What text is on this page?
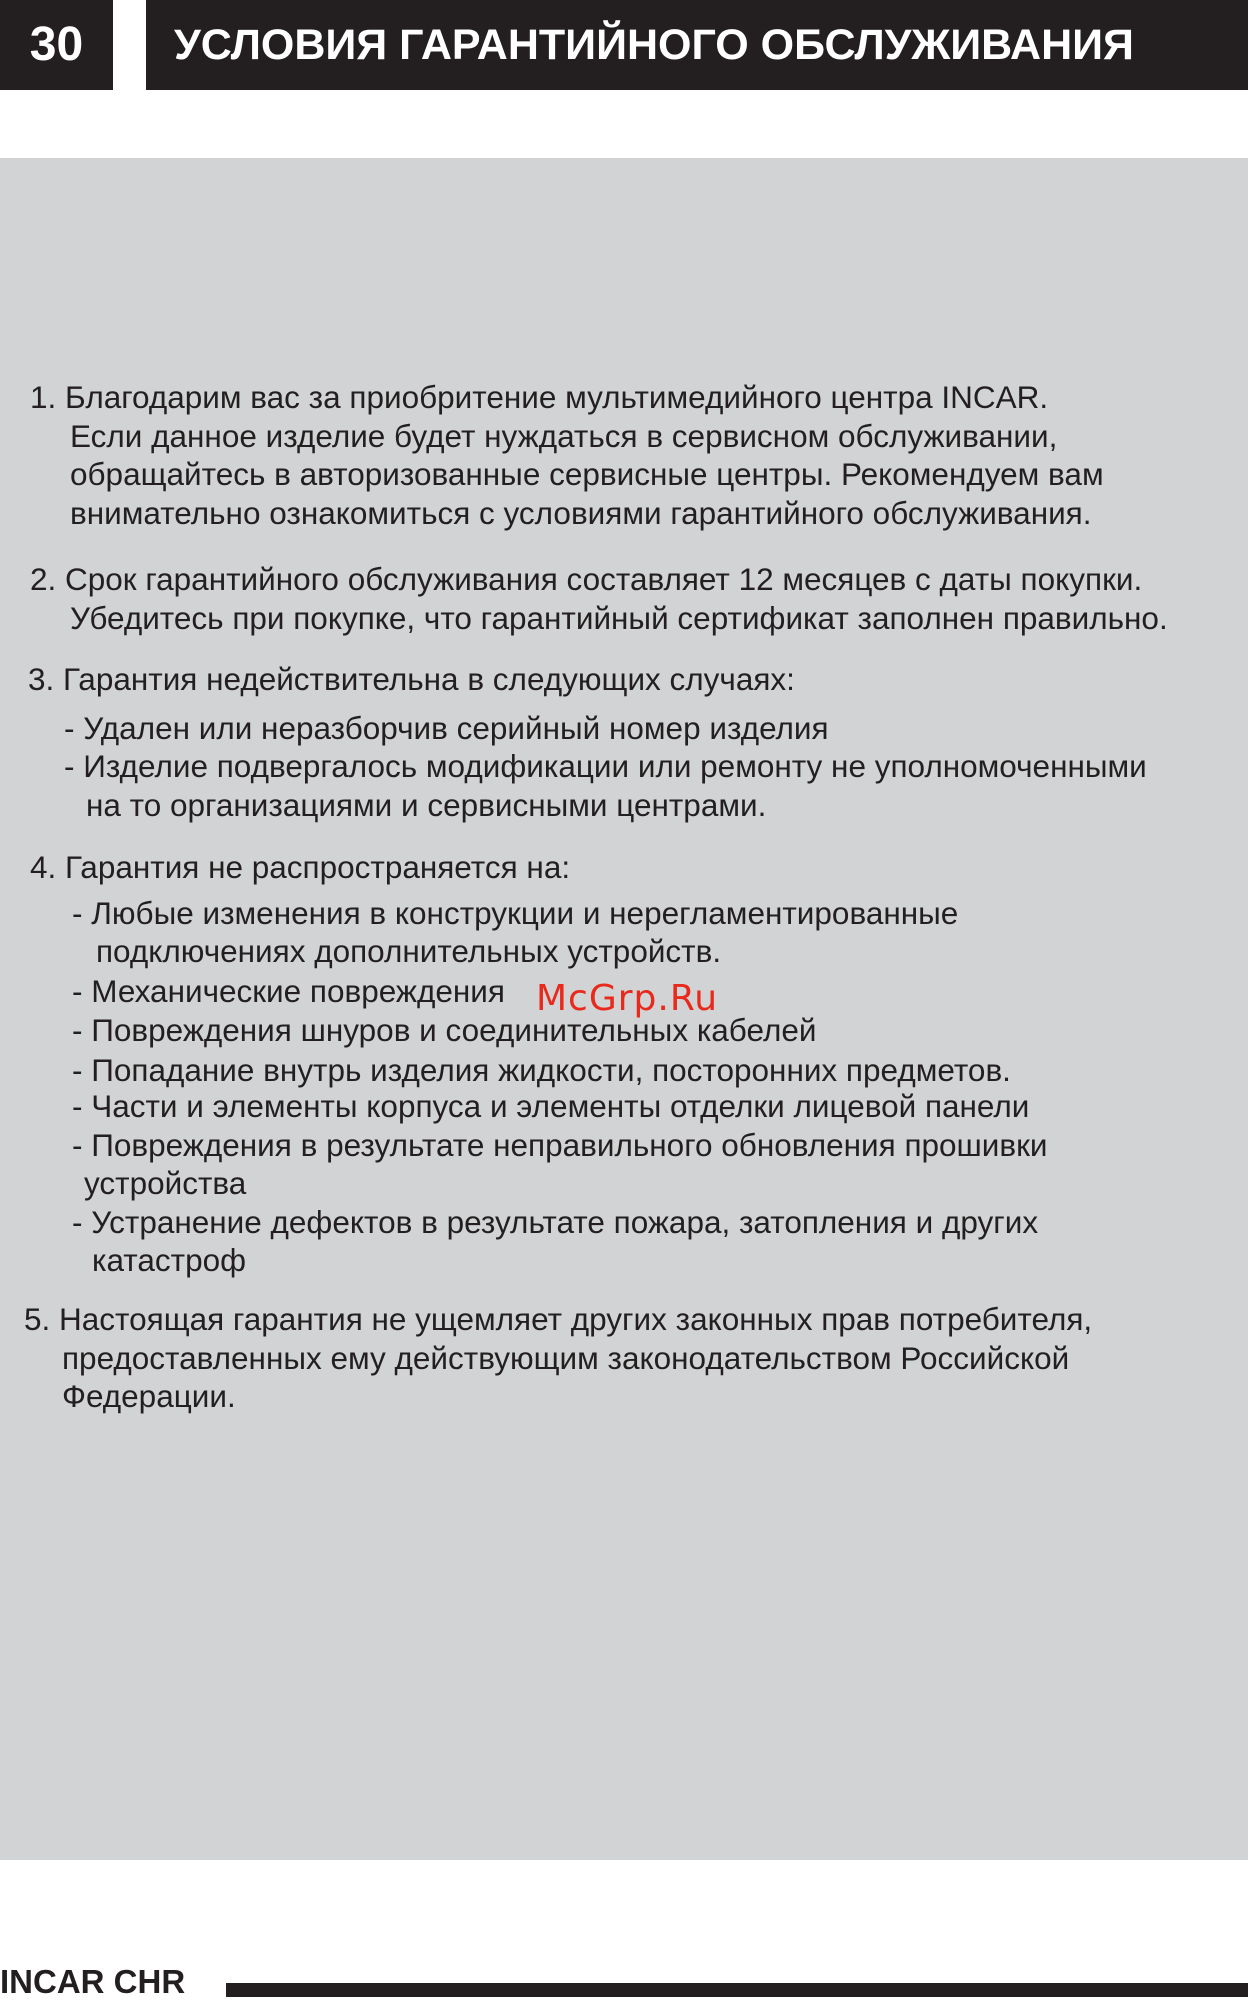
30	УСЛОВИЯ ГАРАНТИЙНОГО ОБСЛУЖИВАНИЯ
1. Благодарим вас за приобритение мультимедийного центра INCAR.
Если данное изделие будет нуждаться в сервисном обслуживании,
обращайтесь в авторизованные сервисные центры. Рекомендуем вам
внимательно ознакомиться с условиями гарантийного обслуживания.
2. Срок гарантийного обслуживания составляет 12 месяцев с даты покупки.
Убедитесь при покупке, что гарантийный сертификат заполнен правильно.
3. Гарантия недействительна в следующих случаях:
- Удален или неразборчив серийный номер изделия
- Изделие подвергалось модификации или ремонту не уполномоченными
на то организациями и сервисными центрами.
4. Гарантия не распространяется на:
- Любые изменения в конструкции и нерегламентированные
подключениях дополнительных устройств.
- Механические повреждения
- Повреждения шнуров и соединительных кабелей
- Попадание внутрь изделия жидкости, посторонних предметов.
- Части и элементы корпуса и элементы отделки лицевой панели
- Повреждения в результате неправильного обновления прошивки
устройства
- Устранение дефектов в результате пожара, затопления и других
катастроф
5. Настоящая гарантия не ущемляет других законных прав потребителя,
предоставленных ему действующим законодательством Российской
Федерации.
McGrp.Ru
INCAR CHR
